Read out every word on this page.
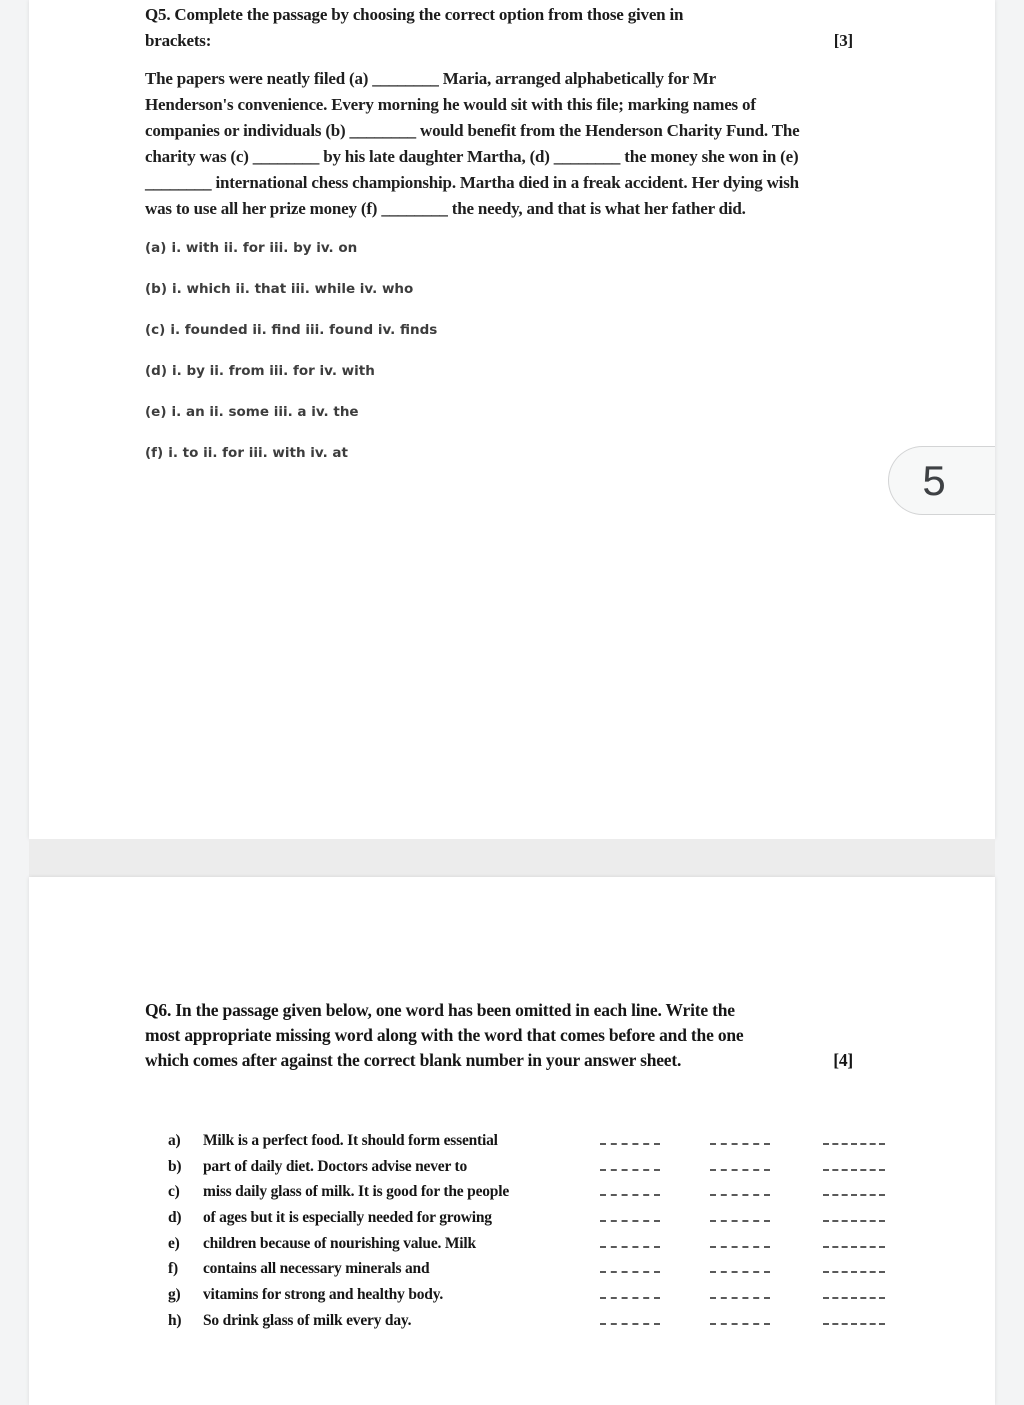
Q5. Complete the passage by choosing the correct option from those given in
brackets:	[3]
The papers were neatly filed (a) ________ Maria, arranged alphabetically for Mr
Henderson's convenience. Every morning he would sit with this file; marking names of
companies or individuals (b) ________ would benefit from the Henderson Charity Fund. The
charity was (c) ________ by his late daughter Martha, (d) ________ the money she won in (e)
________ international chess championship. Martha died in a freak accident. Her dying wish
was to use all her prize money (f) ________ the needy, and that is what her father did.
(a) i. with ii. for iii. by iv. on
(b) i. which ii. that iii. while iv. who
(c) i. founded ii. find iii. found iv. finds
(d) i. by ii. from iii. for iv. with
(e) i. an ii. some iii. a iv. the
(f) i. to ii. for iii. with iv. at
5
Q6. In the passage given below, one word has been omitted in each line. Write the
most appropriate missing word along with the word that comes before and the one
which comes after against the correct blank number in your answer sheet.	[4]
a) Milk is a perfect food. It should form essential
b) part of daily diet. Doctors advise never to
c) miss daily glass of milk. It is good for the people
d) of ages but it is especially needed for growing
e) children because of nourishing value. Milk
f) contains all necessary minerals and
g) vitamins for strong and healthy body.
h) So drink glass of milk every day.
